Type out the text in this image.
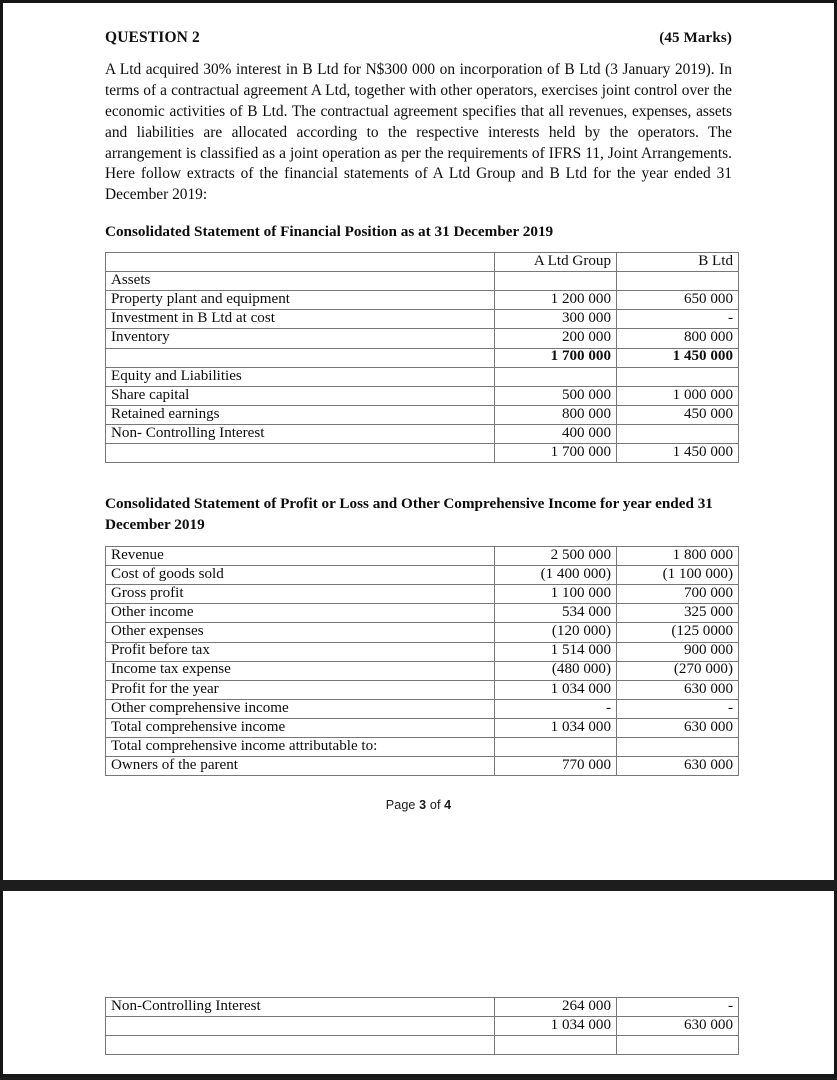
QUESTION 2	(45 Marks)

A Ltd acquired 30% interest in B Ltd for N$300 000 on incorporation of B Ltd (3 January 2019). In terms of a contractual agreement A Ltd, together with other operators, exercises joint control over the economic activities of B Ltd. The contractual agreement specifies that all revenues, expenses, assets and liabilities are allocated according to the respective interests held by the operators. The arrangement is classified as a joint operation as per the requirements of IFRS 11, Joint Arrangements. Here follow extracts of the financial statements of A Ltd Group and B Ltd for the year ended 31 December 2019:

Consolidated Statement of Financial Position as at 31 December 2019
	A Ltd Group	B Ltd
Assets		
Property plant and equipment	1 200 000	650 000
Investment in B Ltd at cost	300 000	-
Inventory	200 000	800 000
	1 700 000	1 450 000
Equity and Liabilities		
Share capital	500 000	1 000 000
Retained earnings	800 000	450 000
Non- Controlling Interest	400 000	
	1 700 000	1 450 000
Consolidated Statement of Profit or Loss and Other Comprehensive Income for year ended 31 December 2019
Revenue	2 500 000	1 800 000
Cost of goods sold	(1 400 000)	(1 100 000)
Gross profit	1 100 000	700 000
Other income	534 000	325 000
Other expenses	(120 000)	(125 0000
Profit before tax	1 514 000	900 000
Income tax expense	(480 000)	(270 000)
Profit for the year	1 034 000	630 000
Other comprehensive income	-	-
Total comprehensive income	1 034 000	630 000
Total comprehensive income attributable to:		
Owners of the parent	770 000	630 000
Page 3 of 4
Non-Controlling Interest	264 000	-
	1 034 000	630 000
